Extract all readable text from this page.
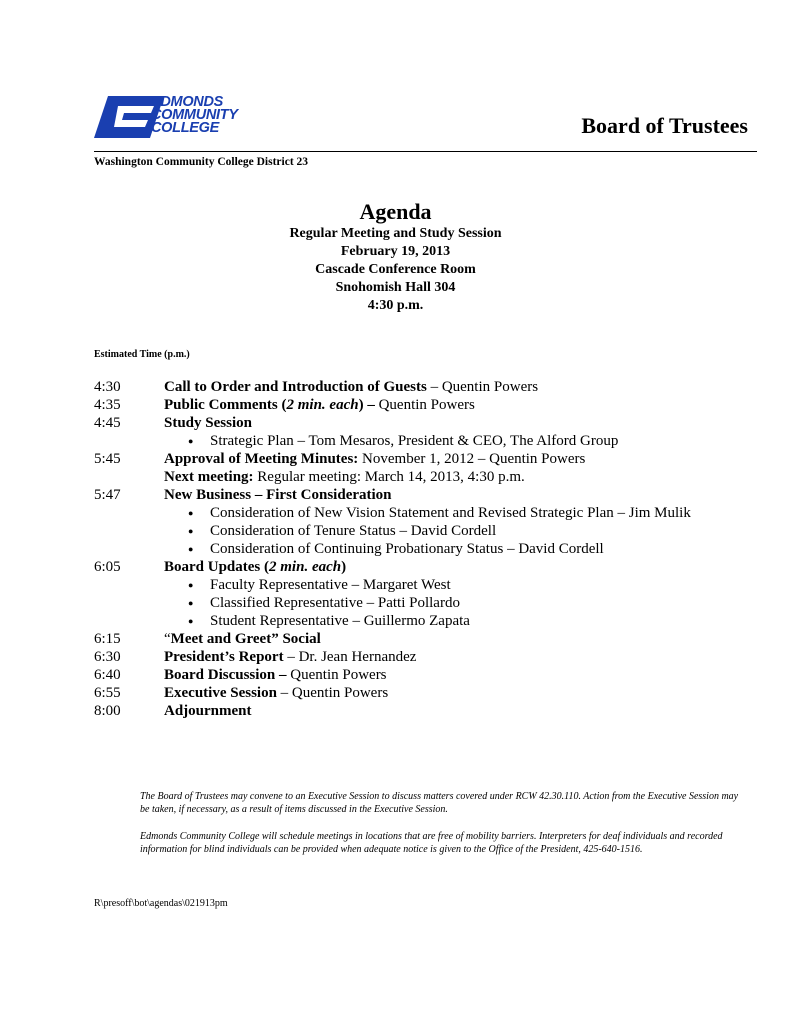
EDMONDS
COMMUNITY
COLLEGE	Board of Trustees
Washington Community College District 23
Agenda
Regular Meeting and Study Session
February 19, 2013
Cascade Conference Room
Snohomish Hall 304
4:30 p.m.
Estimated Time (p.m.)
4:30	Call to Order and Introduction of Guests – Quentin Powers
4:35	Public Comments (2 min. each) – Quentin Powers
4:45	Study Session
● Strategic Plan – Tom Mesaros, President & CEO, The Alford Group
5:45	Approval of Meeting Minutes: November 1, 2012 – Quentin Powers
Next meeting: Regular meeting: March 14, 2013, 4:30 p.m.
5:47	New Business – First Consideration
● Consideration of New Vision Statement and Revised Strategic Plan – Jim Mulik
● Consideration of Tenure Status – David Cordell
● Consideration of Continuing Probationary Status – David Cordell
6:05	Board Updates (2 min. each)
● Faculty Representative – Margaret West
● Classified Representative – Patti Pollardo
● Student Representative – Guillermo Zapata
6:15	“Meet and Greet” Social
6:30	President’s Report – Dr. Jean Hernandez
6:40	Board Discussion – Quentin Powers
6:55	Executive Session – Quentin Powers
8:00	Adjournment
The Board of Trustees may convene to an Executive Session to discuss matters covered under RCW 42.30.110. Action from the Executive Session may be taken, if necessary, as a result of items discussed in the Executive Session.
Edmonds Community College will schedule meetings in locations that are free of mobility barriers. Interpreters for deaf individuals and recorded information for blind individuals can be provided when adequate notice is given to the Office of the President, 425-640-1516.
R\presoff\bot\agendas\021913pm
